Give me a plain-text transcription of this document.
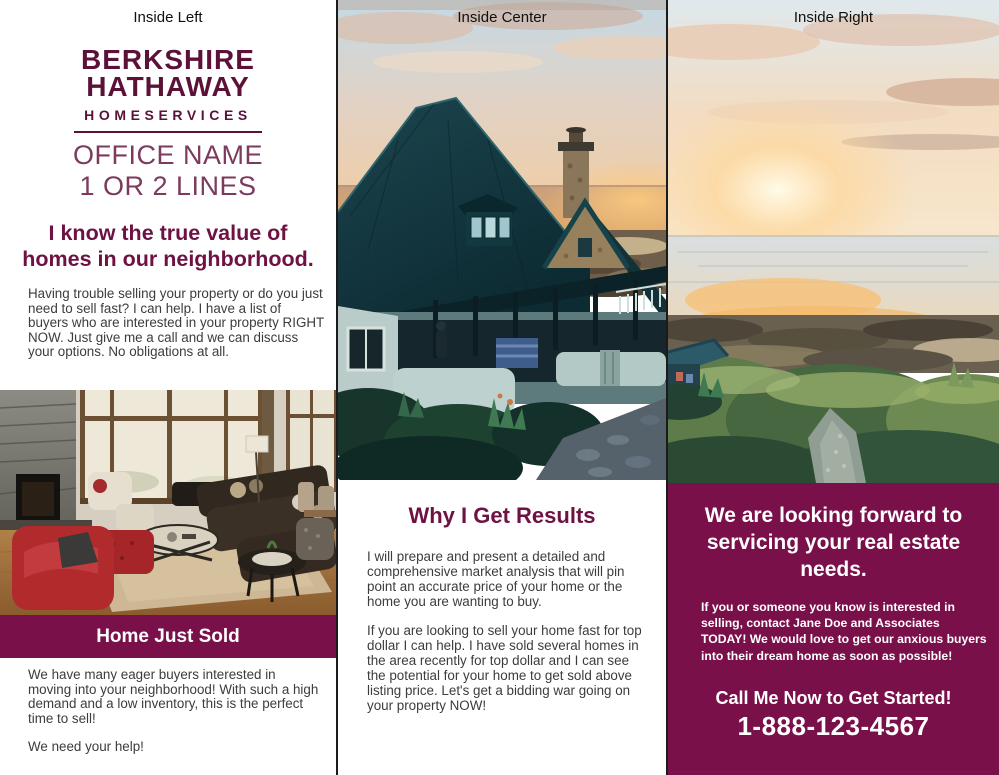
Inside Left
BERKSHIRE
HATHAWAY
HOMESERVICES
OFFICE NAME
1 OR 2 LINES
I know the true value of homes in our neighborhood.
Having trouble selling your property or do you just need to sell fast? I can help. I have a list of buyers who are interested in your property RIGHT NOW. Just give me a call and we can discuss your options. No obligations at all.
Home Just Sold
We have many eager buyers interested in moving into your neighborhood! With such a high demand and a low inventory, this is the perfect time to sell!
We need your help!
Inside Center
Why I Get Results
I will prepare and present a detailed and comprehensive market analysis that will pin point an accurate price of your home or the home you are wanting to buy.
If you are looking to sell your home fast for top dollar I can help. I have sold several homes in the area recently for top dollar and I can see the potential for your home to get sold above listing price. Let's get a bidding war going on your property NOW!
Inside Right
We are looking forward to servicing your real estate needs.
If you or someone you know is interested in selling, contact Jane Doe and Associates TODAY! We would love to get our anxious buyers into their dream home as soon as possible!
Call Me Now to Get Started!
1-888-123-4567
